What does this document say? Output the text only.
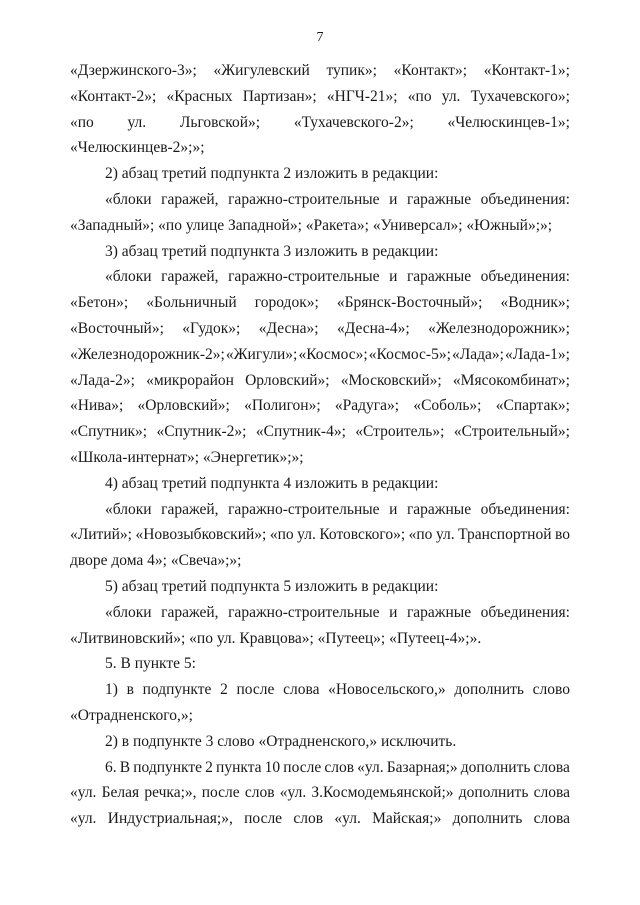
7
«Дзержинского-3»; «Жигулевский тупик»; «Контакт»; «Контакт-1»;
«Контакт-2»; «Красных Партизан»; «НГЧ-21»; «по ул. Тухачевского»;
«по ул. Льговской»; «Тухачевского-2»; «Челюскинцев-1»;
«Челюскинцев-2»;»;
2) абзац третий подпункта 2 изложить в редакции:
«блоки гаражей, гаражно-строительные и гаражные объединения:
«Западный»; «по улице Западной»; «Ракета»; «Универсал»; «Южный»;»;
3) абзац третий подпункта 3 изложить в редакции:
«блоки гаражей, гаражно-строительные и гаражные объединения:
«Бетон»; «Больничный городок»; «Брянск-Восточный»; «Водник»;
«Восточный»; «Гудок»; «Десна»; «Десна-4»; «Железнодорожник»;
«Железнодорожник-2»; «Жигули»; «Космос»; «Космос-5»; «Лада»; «Лада-1»;
«Лада-2»; «микрорайон Орловский»; «Московский»; «Мясокомбинат»;
«Нива»; «Орловский»; «Полигон»; «Радуга»; «Соболь»; «Спартак»;
«Спутник»; «Спутник-2»; «Спутник-4»; «Строитель»; «Строительный»;
«Школа-интернат»; «Энергетик»;»;
4) абзац третий подпункта 4 изложить в редакции:
«блоки гаражей, гаражно-строительные и гаражные объединения:
«Литий»; «Новозыбковский»; «по ул. Котовского»; «по ул. Транспортной во
дворе дома 4»; «Свеча»;»;
5) абзац третий подпункта 5 изложить в редакции:
«блоки гаражей, гаражно-строительные и гаражные объединения:
«Литвиновский»; «по ул. Кравцова»; «Путеец»; «Путеец-4»;».
5. В пункте 5:
1) в подпункте 2 после слова «Новосельского,» дополнить слово
«Отрадненского,»;
2) в подпункте 3 слово «Отрадненского,» исключить.
6. В подпункте 2 пункта 10 после слов «ул. Базарная;» дополнить слова
«ул. Белая речка;», после слов «ул. З.Космодемьянской;» дополнить слова
«ул. Индустриальная;», после слов «ул. Майская;» дополнить слова
